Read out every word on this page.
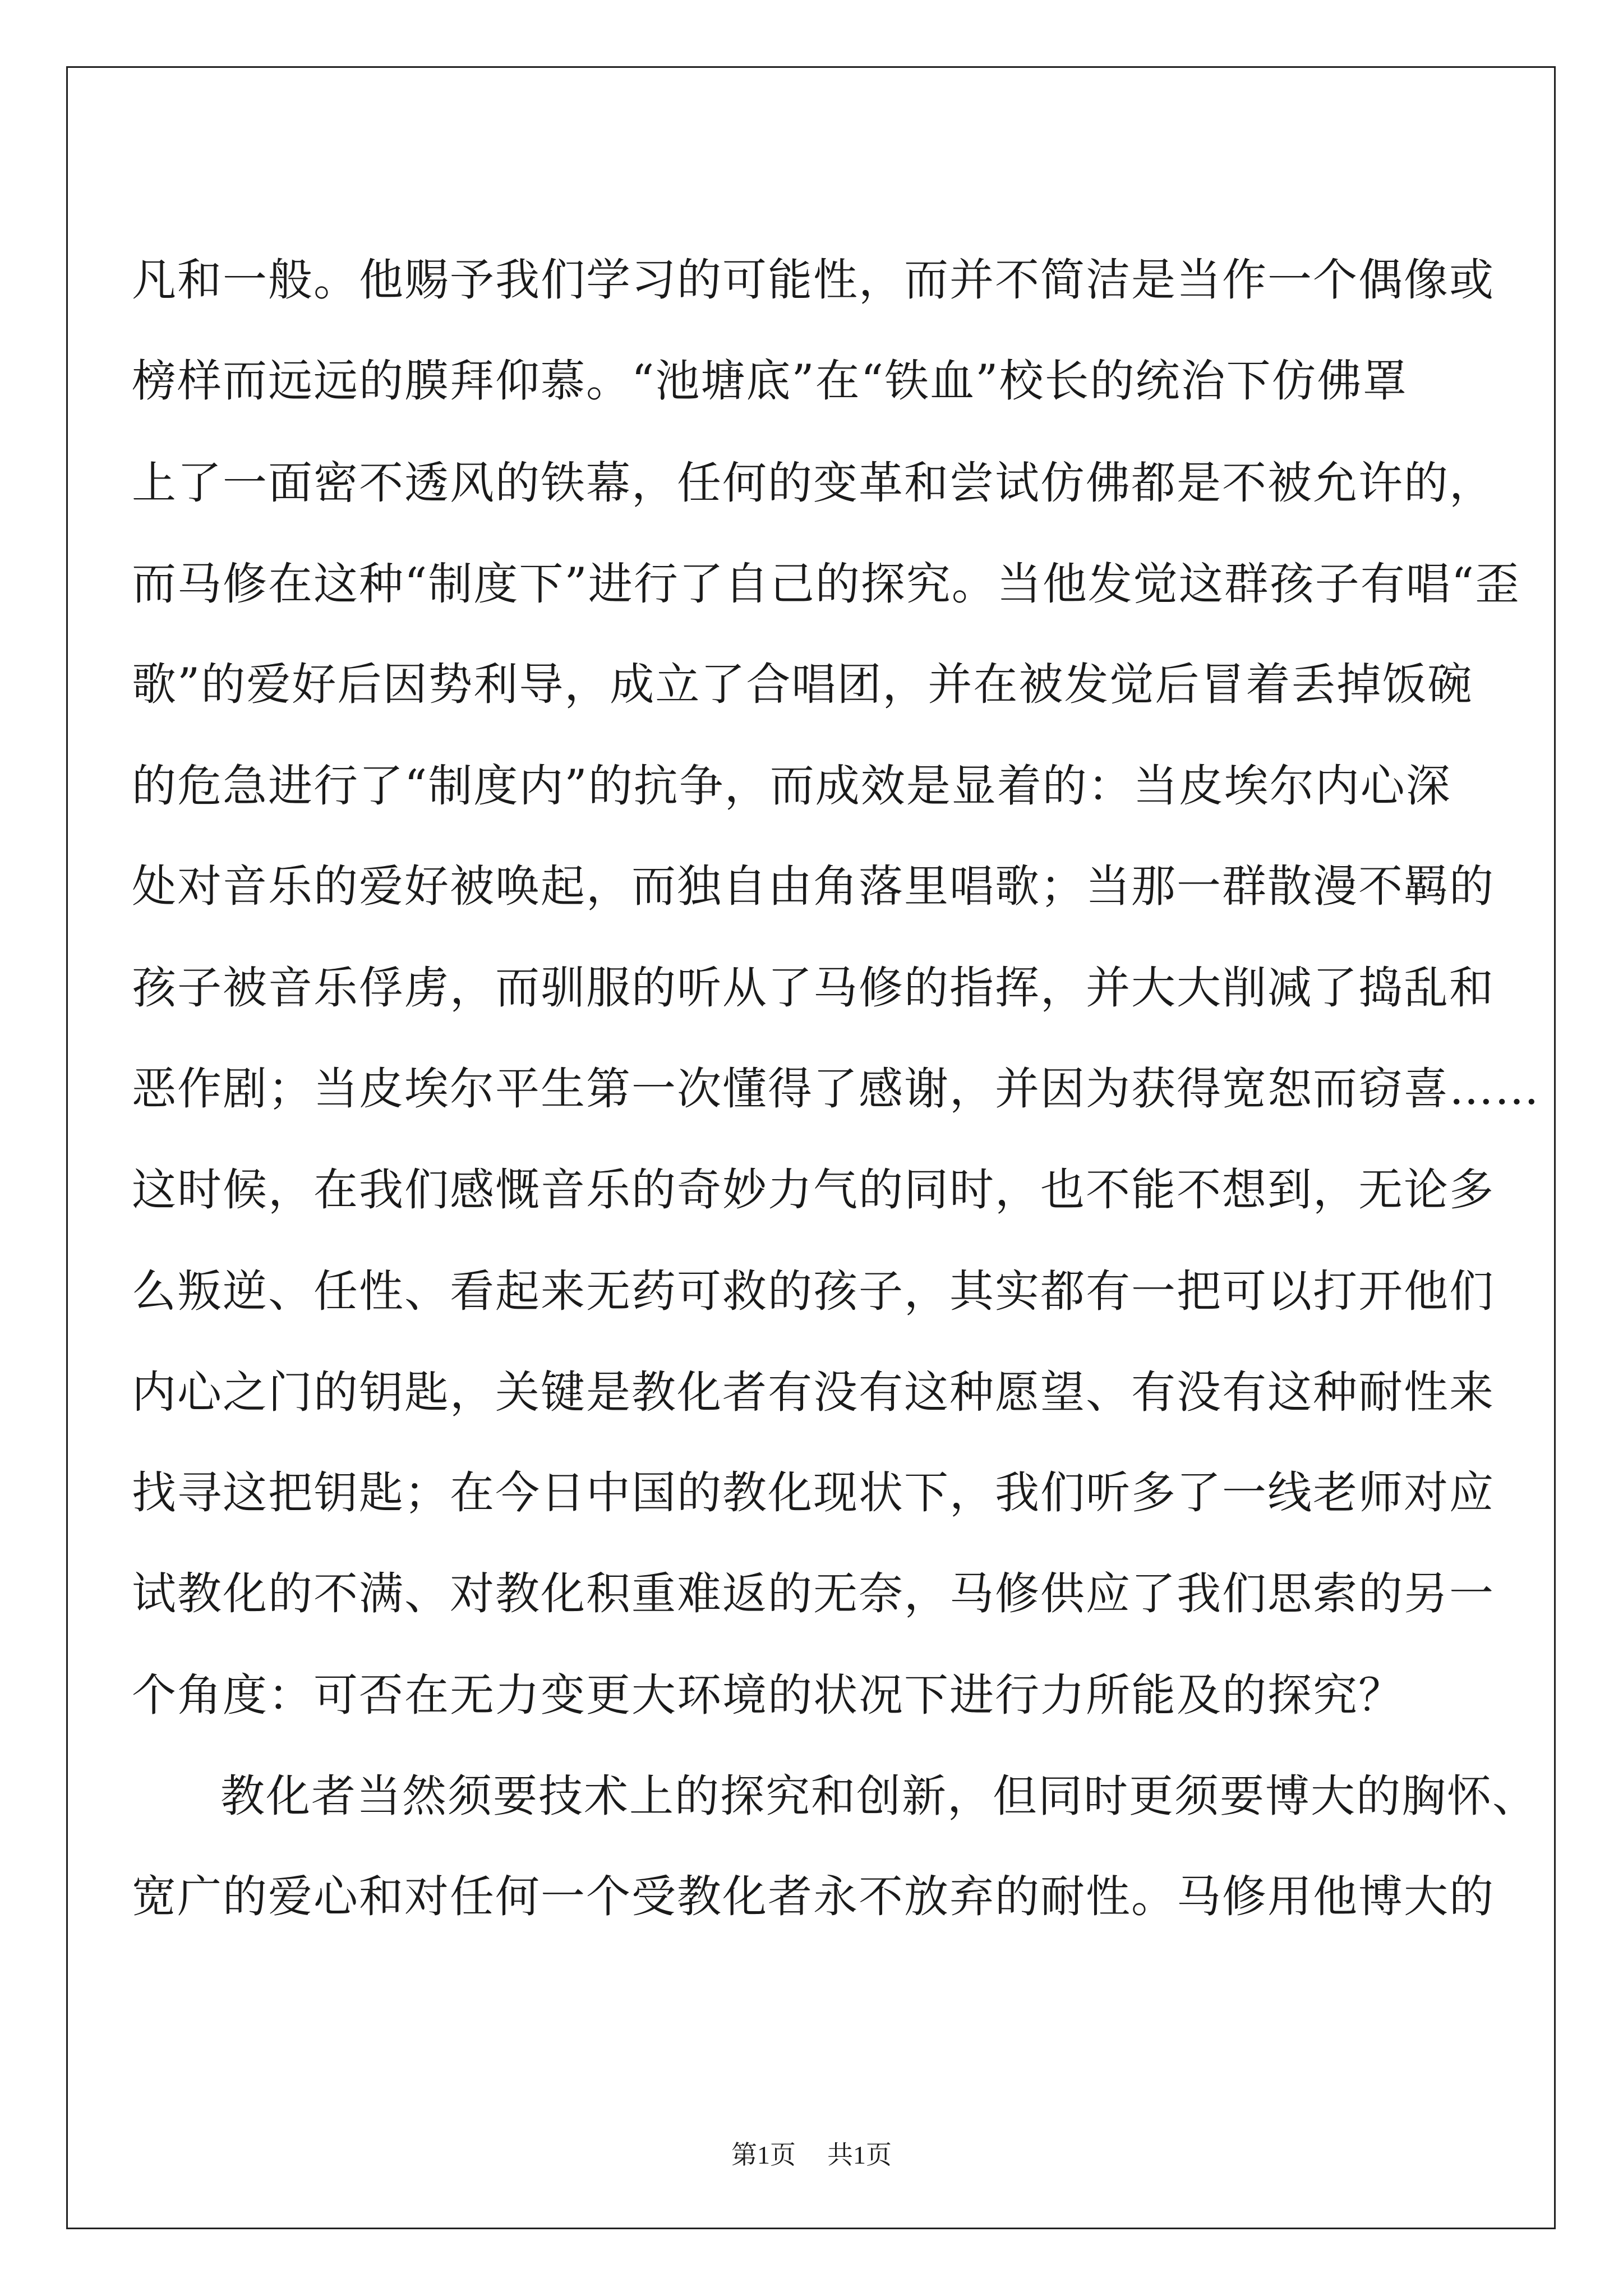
凡和一般。他赐予我们学习的可能性，而并不简洁是当作一个偶像或
榜样而远远的膜拜仰慕。“池塘底”在“铁血”校长的统治下仿佛罩
上了一面密不透风的铁幕，任何的变革和尝试仿佛都是不被允许的，
而马修在这种“制度下”进行了自己的探究。当他发觉这群孩子有唱“歪
歌”的爱好后因势利导，成立了合唱团，并在被发觉后冒着丢掉饭碗
的危急进行了“制度内”的抗争，而成效是显着的：当皮埃尔内心深
处对音乐的爱好被唤起，而独自由角落里唱歌；当那一群散漫不羁的
孩子被音乐俘虏，而驯服的听从了马修的指挥，并大大削减了捣乱和
恶作剧；当皮埃尔平生第一次懂得了感谢，并因为获得宽恕而窃喜……
这时候，在我们感慨音乐的奇妙力气的同时，也不能不想到，无论多
么叛逆、任性、看起来无药可救的孩子，其实都有一把可以打开他们
内心之门的钥匙，关键是教化者有没有这种愿望、有没有这种耐性来
找寻这把钥匙；在今日中国的教化现状下，我们听多了一线老师对应
试教化的不满、对教化积重难返的无奈，马修供应了我们思索的另一
个角度：可否在无力变更大环境的状况下进行力所能及的探究？
教化者当然须要技术上的探究和创新，但同时更须要博大的胸怀、
宽广的爱心和对任何一个受教化者永不放弃的耐性。马修用他博大的
第1页 共1页
